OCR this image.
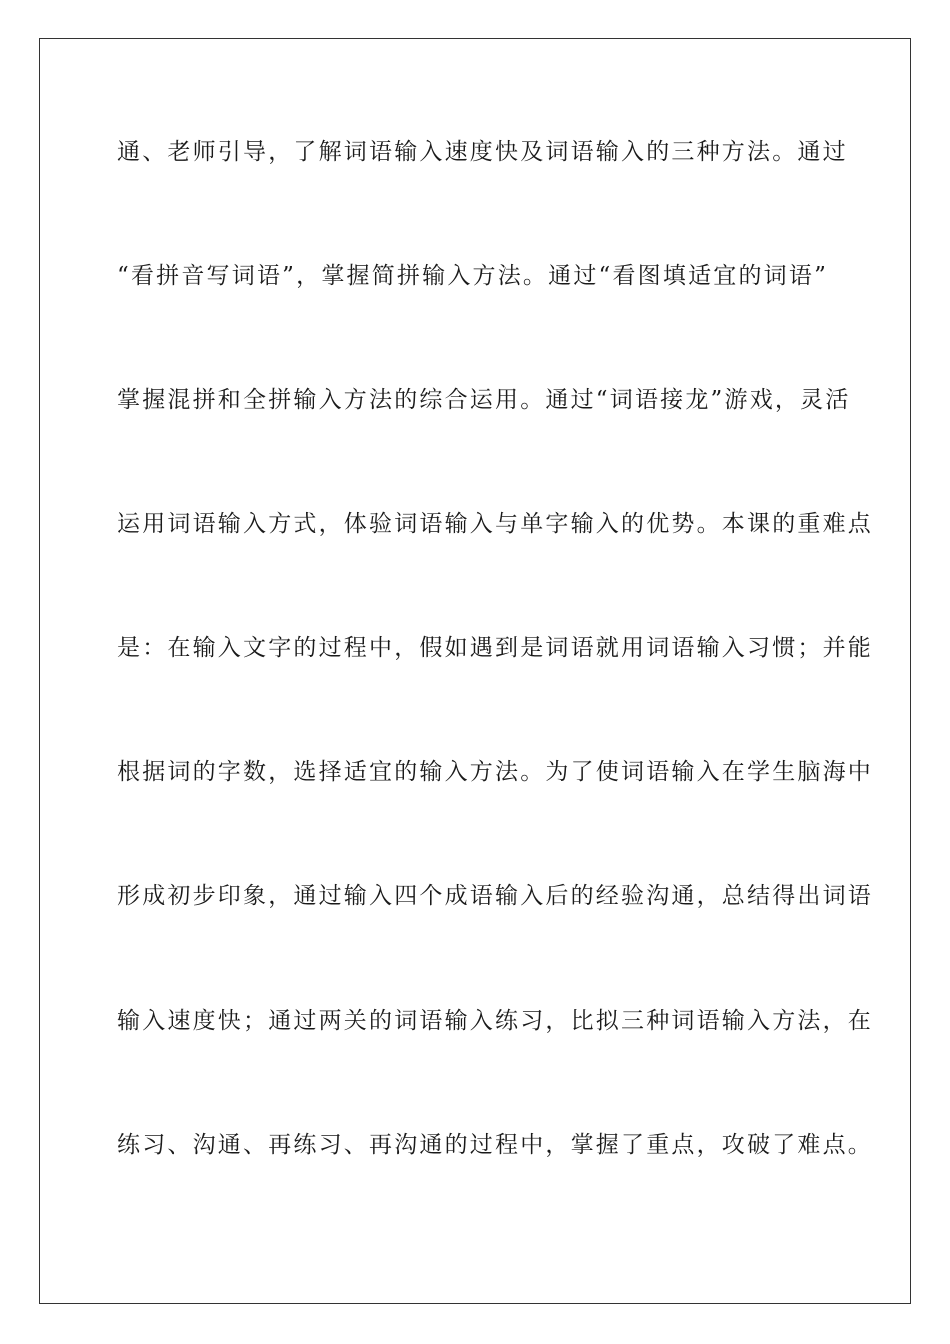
通、老师引导，了解词语输入速度快及词语输入的三种方法。通过
“看拼音写词语”，掌握简拼输入方法。通过“看图填适宜的词语”
掌握混拼和全拼输入方法的综合运用。通过“词语接龙”游戏，灵活
运用词语输入方式，体验词语输入与单字输入的优势。本课的重难点
是：在输入文字的过程中，假如遇到是词语就用词语输入习惯；并能
根据词的字数，选择适宜的输入方法。为了使词语输入在学生脑海中
形成初步印象，通过输入四个成语输入后的经验沟通，总结得出词语
输入速度快；通过两关的词语输入练习，比拟三种词语输入方法，在
练习、沟通、再练习、再沟通的过程中，掌握了重点，攻破了难点。
